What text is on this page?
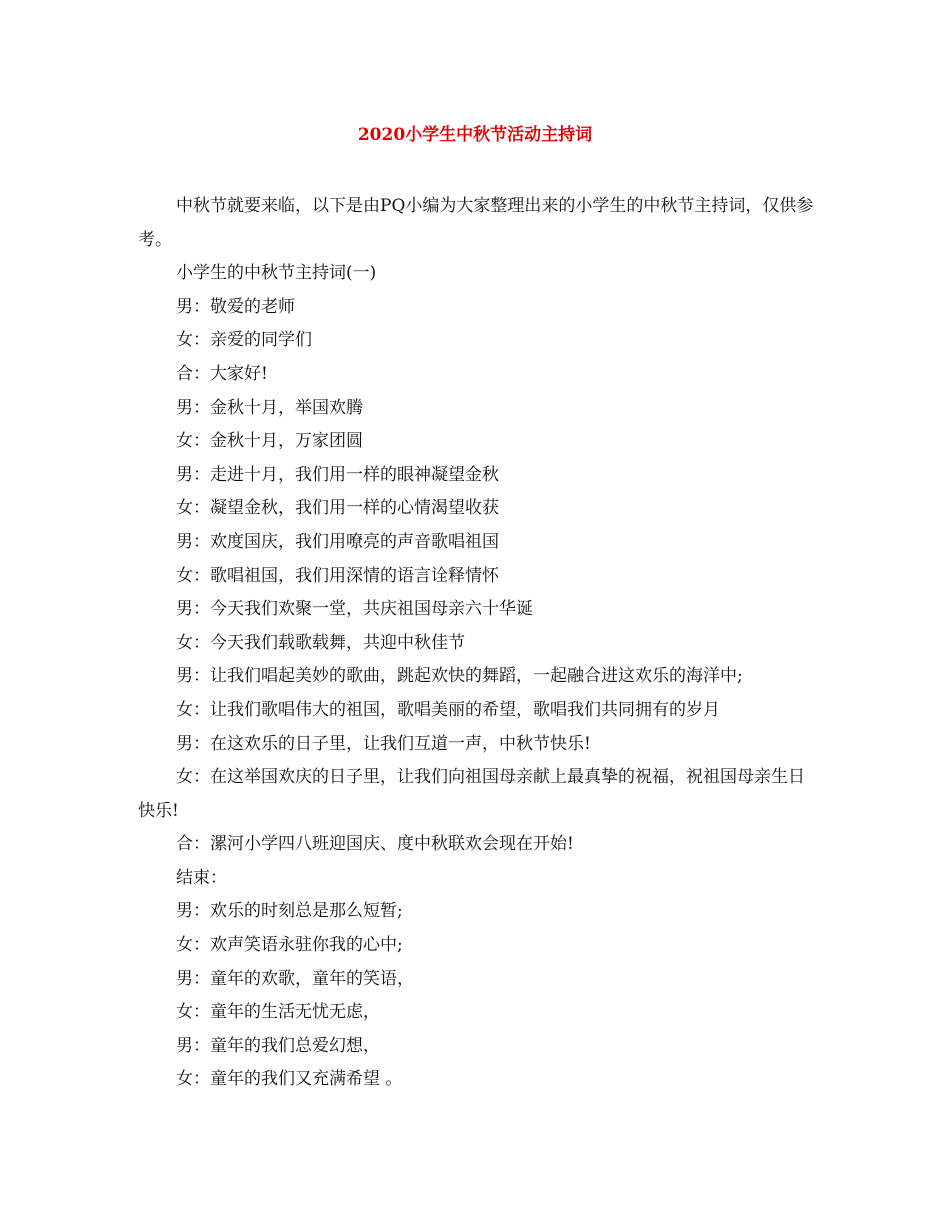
2020小学生中秋节活动主持词

中秋节就要来临，以下是由PQ小编为大家整理出来的小学生的中秋节主持词，仅供参考。

小学生的中秋节主持词(一)

男：敬爱的老师

女：亲爱的同学们

合：大家好!

男：金秋十月，举国欢腾

女：金秋十月，万家团圆

男：走进十月，我们用一样的眼神凝望金秋

女：凝望金秋，我们用一样的心情渴望收获

男：欢度国庆，我们用嘹亮的声音歌唱祖国

女：歌唱祖国，我们用深情的语言诠释情怀

男：今天我们欢聚一堂，共庆祖国母亲六十华诞

女：今天我们载歌载舞，共迎中秋佳节

男：让我们唱起美妙的歌曲，跳起欢快的舞蹈，一起融合进这欢乐的海洋中;

女：让我们歌唱伟大的祖国，歌唱美丽的希望，歌唱我们共同拥有的岁月

男：在这欢乐的日子里，让我们互道一声，中秋节快乐!

女：在这举国欢庆的日子里，让我们向祖国母亲献上最真挚的祝福，祝祖国母亲生日快乐!

合：漯河小学四八班迎国庆、度中秋联欢会现在开始!

结束：

男：欢乐的时刻总是那么短暂;

女：欢声笑语永驻你我的心中;

男：童年的欢歌，童年的笑语，

女：童年的生活无忧无虑，

男：童年的我们总爱幻想，

女：童年的我们又充满希望 。
